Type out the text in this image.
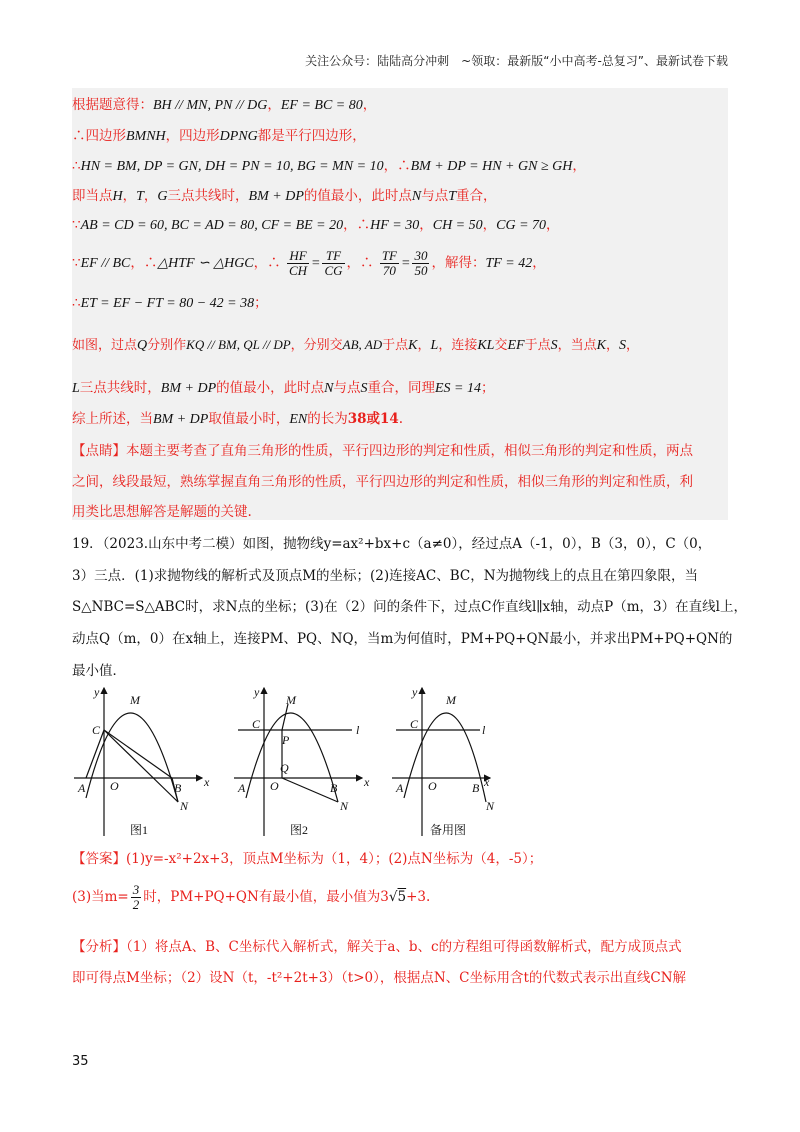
关注公众号：陆陆高分冲刺　~领取：最新版“小中高考-总复习”、最新试卷下载
根据题意得：BH // MN, PN // DG，EF = BC = 80，
∴四边形BMNH，四边形DPNG都是平行四边形，
∴HN = BM, DP = GN, DH = PN = 10, BG = MN = 10，∴BM + DP = HN + GN ≥ GH，
即当点H，T，G三点共线时，BM + DP的值最小，此时点N与点T重合，
∵AB = CD = 60, BC = AD = 80, CF = BE = 20，∴HF = 30，CH = 50，CG = 70，
∵EF // BC，∴△HTF ∽ △HGC，∴ $\frac{HF}{CH} = \frac{TF}{CG}$ ，∴ $\frac{TF}{70} = \frac{30}{50}$ ，解得：TF = 42，
∴ET = EF − FT = 80 − 42 = 38；
如图，过点Q分别作KQ // BM, QL // DP，分别交AB, AD于点K，L，连接KL交EF于点S，当点K，S，
L三点共线时，BM + DP的值最小，此时点N与点S重合，同理ES = 14；
综上所述，当BM + DP取值最小时，EN的长为38或14.
【点睛】本题主要考查了直角三角形的性质，平行四边形的判定和性质，相似三角形的判定和性质，两点
之间，线段最短，熟练掌握直角三角形的性质，平行四边形的判定和性质，相似三角形的判定和性质，利
用类比思想解答是解题的关键.
19．（2023.山东中考二模）如图，抛物线y=ax²+bx+c（a≠0），经过点A（-1，0），B（3，0），C（0，
3）三点．(1)求抛物线的解析式及顶点M的坐标；(2)连接AC、BC，N为抛物线上的点且在第四象限，当
S△NBC=S△ABC时，求N点的坐标；(3)在（2）问的条件下，过点C作直线l∥x轴，动点P（m，3）在直线l上，
动点Q（m，0）在x轴上，连接PM、PQ、NQ，当m为何值时，PM+PQ+QN最小，并求出PM+PQ+QN的
最小值．
y
x
M
C
A O	B
N
图1
y
x
M
C
P
l
Q
A O	B
N
图2
y
x
M
C	l
A O	B
N
备用图
【答案】(1)y=-x²+2x+3，顶点M坐标为（1，4）；(2)点N坐标为（4，-5）；
(3)当$m= \frac{3}{2}$ 时，PM+PQ+QN有最小值，最小值为3√5+3.
【分析】（1）将点A、B、C坐标代入解析式，解关于a、b、c的方程组可得函数解析式，配方成顶点式
即可得点M坐标；（2）设N（t，-t²+2t+3）（t>0），根据点N、C坐标用含t的代数式表示出直线CN解
35
